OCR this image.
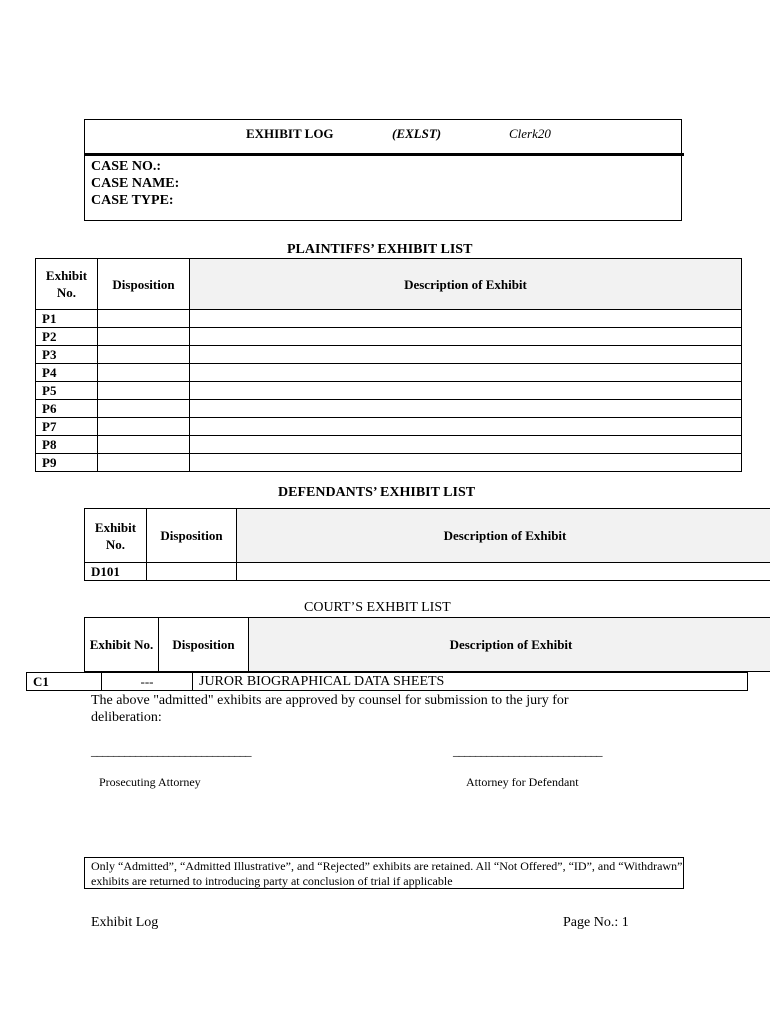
EXHIBIT LOG	(EXLST)	Clerk20
CASE NO.:
CASE NAME:
CASE TYPE:
PLAINTIFFS’ EXHIBIT LIST
Exhibit No.	Disposition	Description of Exhibit
P1		
P2		
P3		
P4		
P5		
P6		
P7		
P8		
P9		
DEFENDANTS’ EXHIBIT LIST
Exhibit No.	Disposition	Description of Exhibit
D101		
COURT’S EXHBIT LIST
Exhibit No.	Disposition	Description of Exhibit
C1	---	JUROR BIOGRAPHICAL DATA SHEETS
The above "admitted" exhibits are approved by counsel for submission to the jury for deliberation:
_____________________________	___________________________
Prosecuting Attorney	Attorney for Defendant
Only “Admitted”, “Admitted Illustrative”, and “Rejected” exhibits are retained. All “Not Offered”, “ID”, and “Withdrawn” exhibits are returned to introducing party at conclusion of trial if applicable
Exhibit Log	Page No.: 1
